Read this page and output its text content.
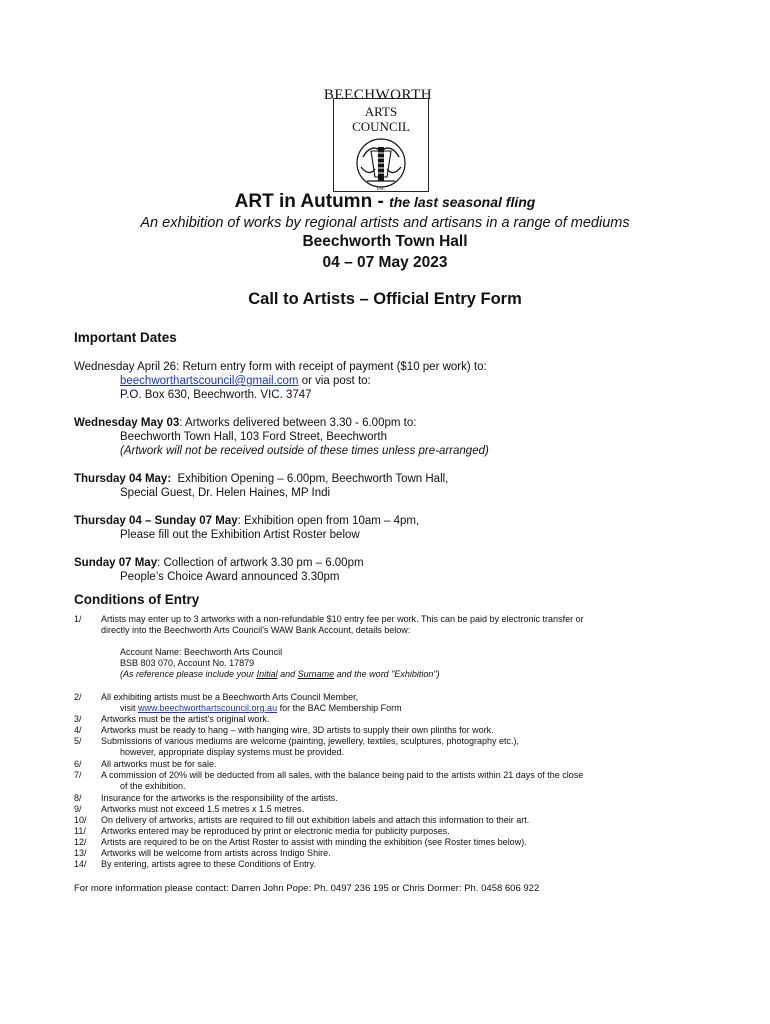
BEECHWORTH
ARTS
COUNCIL
INC
ART in Autumn - the last seasonal fling
An exhibition of works by regional artists and artisans in a range of mediums
Beechworth Town Hall
04 – 07 May 2023
Call to Artists – Official Entry Form
Important Dates
Wednesday April 26: Return entry form with receipt of payment ($10 per work) to:
beechworthartscouncil@gmail.com or via post to:
P.O. Box 630, Beechworth. VIC. 3747
Wednesday May 03: Artworks delivered between 3.30 - 6.00pm to:
Beechworth Town Hall, 103 Ford Street, Beechworth
(Artwork will not be received outside of these times unless pre-arranged)
Thursday 04 May:  Exhibition Opening – 6.00pm, Beechworth Town Hall,
Special Guest, Dr. Helen Haines, MP Indi
Thursday 04 – Sunday 07 May: Exhibition open from 10am – 4pm,
Please fill out the Exhibition Artist Roster below
Sunday 07 May: Collection of artwork 3.30 pm – 6.00pm
People’s Choice Award announced 3.30pm
Conditions of Entry
1/ Artists may enter up to 3 artworks with a non-refundable $10 entry fee per work. This can be paid by electronic transfer or
directly into the Beechworth Arts Council’s WAW Bank Account, details below:
Account Name: Beechworth Arts Council
BSB 803 070, Account No. 17879
(As reference please include your Initial and Surname and the word "Exhibition")
2/ All exhibiting artists must be a Beechworth Arts Council Member,
visit www.beechworthartscouncil.org.au for the BAC Membership Form
3/ Artworks must be the artist’s original work.
4/ Artworks must be ready to hang – with hanging wire, 3D artists to supply their own plinths for work.
5/ Submissions of various mediums are welcome (painting, jewellery, textiles, sculptures, photography etc.),
however, appropriate display systems must be provided.
6/ All artworks must be for sale.
7/ A commission of 20% will be deducted from all sales, with the balance being paid to the artists within 21 days of the close
of the exhibition.
8/ Insurance for the artworks is the responsibility of the artists.
9/ Artworks must not exceed 1.5 metres x 1.5 metres.
10/ On delivery of artworks, artists are required to fill out exhibition labels and attach this information to their art.
11/ Artworks entered may be reproduced by print or electronic media for publicity purposes.
12/ Artists are required to be on the Artist Roster to assist with minding the exhibition (see Roster times below).
13/ Artworks will be welcome from artists across Indigo Shire.
14/ By entering, artists agree to these Conditions of Entry.
For more information please contact: Darren John Pope: Ph. 0497 236 195 or Chris Dormer: Ph. 0458 606 922
